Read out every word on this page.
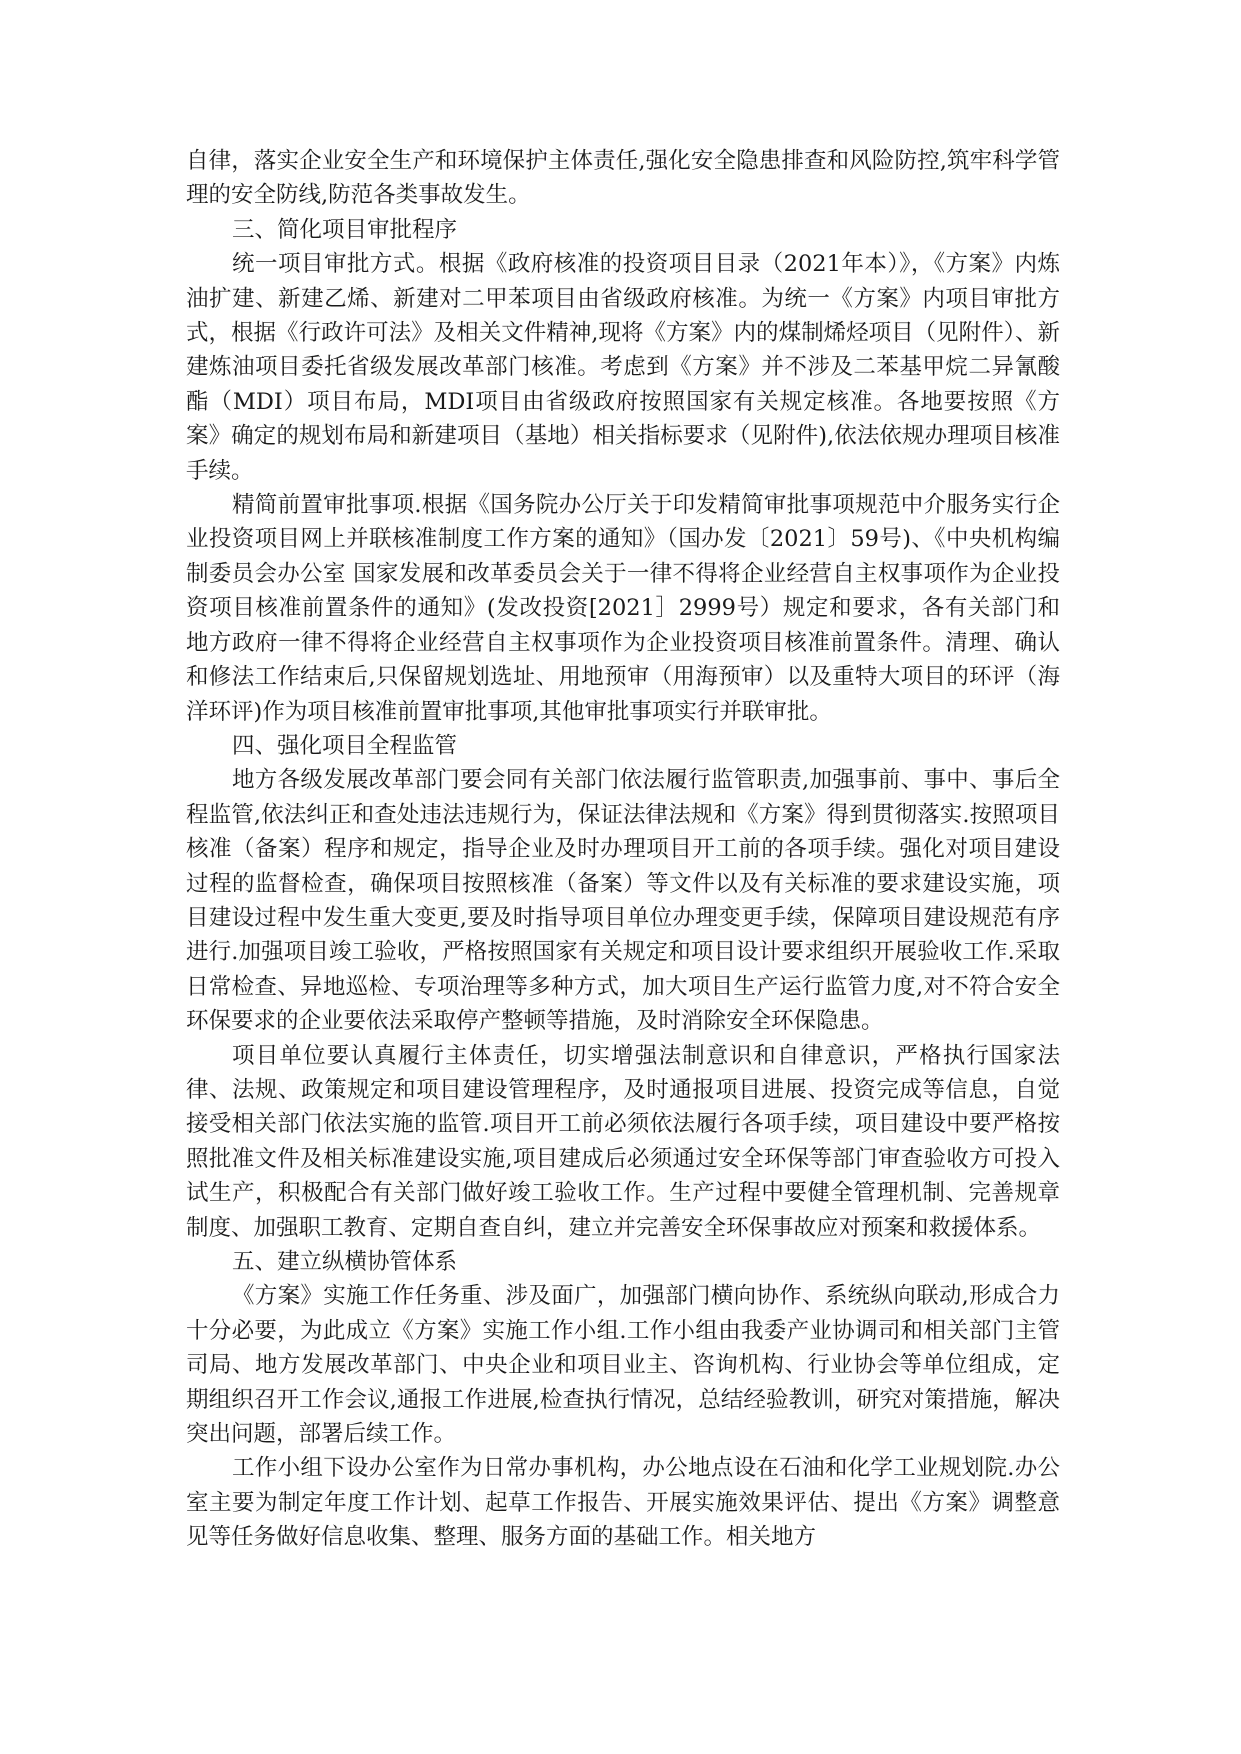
自律，落实企业安全生产和环境保护主体责任,强化安全隐患排查和风险防控,筑牢科学管理的安全防线,防范各类事故发生。

三、简化项目审批程序

统一项目审批方式。根据《政府核准的投资项目目录（2021年本）》，《方案》内炼油扩建、新建乙烯、新建对二甲苯项目由省级政府核准。为统一《方案》内项目审批方式，根据《行政许可法》及相关文件精神,现将《方案》内的煤制烯烃项目（见附件）、新建炼油项目委托省级发展改革部门核准。考虑到《方案》并不涉及二苯基甲烷二异氰酸酯（MDI）项目布局，MDI项目由省级政府按照国家有关规定核准。各地要按照《方案》确定的规划布局和新建项目（基地）相关指标要求（见附件),依法依规办理项目核准手续。

精简前置审批事项.根据《国务院办公厅关于印发精简审批事项规范中介服务实行企业投资项目网上并联核准制度工作方案的通知》（国办发〔2021〕59号)、《中央机构编制委员会办公室 国家发展和改革委员会关于一律不得将企业经营自主权事项作为企业投资项目核准前置条件的通知》(发改投资[2021］2999号）规定和要求，各有关部门和地方政府一律不得将企业经营自主权事项作为企业投资项目核准前置条件。清理、确认和修法工作结束后,只保留规划选址、用地预审（用海预审）以及重特大项目的环评（海洋环评)作为项目核准前置审批事项,其他审批事项实行并联审批。

四、强化项目全程监管

地方各级发展改革部门要会同有关部门依法履行监管职责,加强事前、事中、事后全程监管,依法纠正和查处违法违规行为，保证法律法规和《方案》得到贯彻落实.按照项目核准（备案）程序和规定，指导企业及时办理项目开工前的各项手续。强化对项目建设过程的监督检查，确保项目按照核准（备案）等文件以及有关标准的要求建设实施，项目建设过程中发生重大变更,要及时指导项目单位办理变更手续，保障项目建设规范有序进行.加强项目竣工验收，严格按照国家有关规定和项目设计要求组织开展验收工作.采取日常检查、异地巡检、专项治理等多种方式，加大项目生产运行监管力度,对不符合安全环保要求的企业要依法采取停产整顿等措施，及时消除安全环保隐患。

项目单位要认真履行主体责任，切实增强法制意识和自律意识，严格执行国家法律、法规、政策规定和项目建设管理程序，及时通报项目进展、投资完成等信息，自觉接受相关部门依法实施的监管.项目开工前必须依法履行各项手续，项目建设中要严格按照批准文件及相关标准建设实施,项目建成后必须通过安全环保等部门审查验收方可投入试生产，积极配合有关部门做好竣工验收工作。生产过程中要健全管理机制、完善规章制度、加强职工教育、定期自查自纠，建立并完善安全环保事故应对预案和救援体系。

五、建立纵横协管体系

《方案》实施工作任务重、涉及面广，加强部门横向协作、系统纵向联动,形成合力十分必要，为此成立《方案》实施工作小组.工作小组由我委产业协调司和相关部门主管司局、地方发展改革部门、中央企业和项目业主、咨询机构、行业协会等单位组成，定期组织召开工作会议,通报工作进展,检查执行情况，总结经验教训，研究对策措施，解决突出问题，部署后续工作。

工作小组下设办公室作为日常办事机构，办公地点设在石油和化学工业规划院.办公室主要为制定年度工作计划、起草工作报告、开展实施效果评估、提出《方案》调整意见等任务做好信息收集、整理、服务方面的基础工作。相关地方
